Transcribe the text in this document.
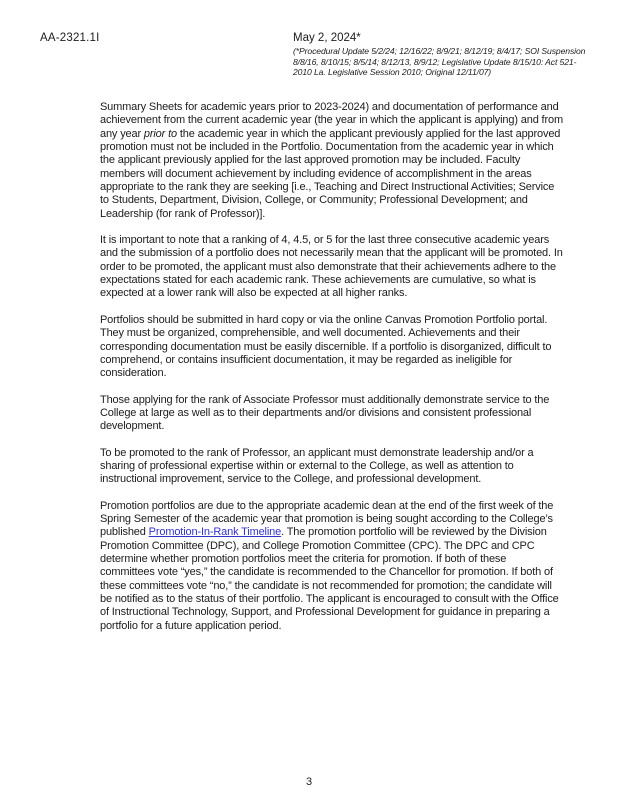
AA-2321.1I	May 2, 2024*
(*Procedural Update 5/2/24; 12/16/22; 8/9/21; 8/12/19; 8/4/17; SOI Suspension 8/8/16, 8/10/15; 8/5/14; 8/12/13, 8/9/12; Legislative Update 8/15/10: Act 521-2010 La. Legislative Session 2010; Original 12/11/07)

Summary Sheets for academic years prior to 2023-2024) and documentation of performance and achievement from the current academic year (the year in which the applicant is applying) and from any year prior to the academic year in which the applicant previously applied for the last approved promotion must not be included in the Portfolio. Documentation from the academic year in which the applicant previously applied for the last approved promotion may be included. Faculty members will document achievement by including evidence of accomplishment in the areas appropriate to the rank they are seeking [i.e., Teaching and Direct Instructional Activities; Service to Students, Department, Division, College, or Community; Professional Development; and Leadership (for rank of Professor)].

It is important to note that a ranking of 4, 4.5, or 5 for the last three consecutive academic years and the submission of a portfolio does not necessarily mean that the applicant will be promoted. In order to be promoted, the applicant must also demonstrate that their achievements adhere to the expectations stated for each academic rank. These achievements are cumulative, so what is expected at a lower rank will also be expected at all higher ranks.

Portfolios should be submitted in hard copy or via the online Canvas Promotion Portfolio portal. They must be organized, comprehensible, and well documented. Achievements and their corresponding documentation must be easily discernible. If a portfolio is disorganized, difficult to comprehend, or contains insufficient documentation, it may be regarded as ineligible for consideration.

Those applying for the rank of Associate Professor must additionally demonstrate service to the College at large as well as to their departments and/or divisions and consistent professional development.

To be promoted to the rank of Professor, an applicant must demonstrate leadership and/or a sharing of professional expertise within or external to the College, as well as attention to instructional improvement, service to the College, and professional development.

Promotion portfolios are due to the appropriate academic dean at the end of the first week of the Spring Semester of the academic year that promotion is being sought according to the College’s published Promotion-In-Rank Timeline. The promotion portfolio will be reviewed by the Division Promotion Committee (DPC), and College Promotion Committee (CPC). The DPC and CPC determine whether promotion portfolios meet the criteria for promotion. If both of these committees vote “yes,” the candidate is recommended to the Chancellor for promotion. If both of these committees vote “no,” the candidate is not recommended for promotion; the candidate will be notified as to the status of their portfolio. The applicant is encouraged to consult with the Office of Instructional Technology, Support, and Professional Development for guidance in preparing a portfolio for a future application period.

3
